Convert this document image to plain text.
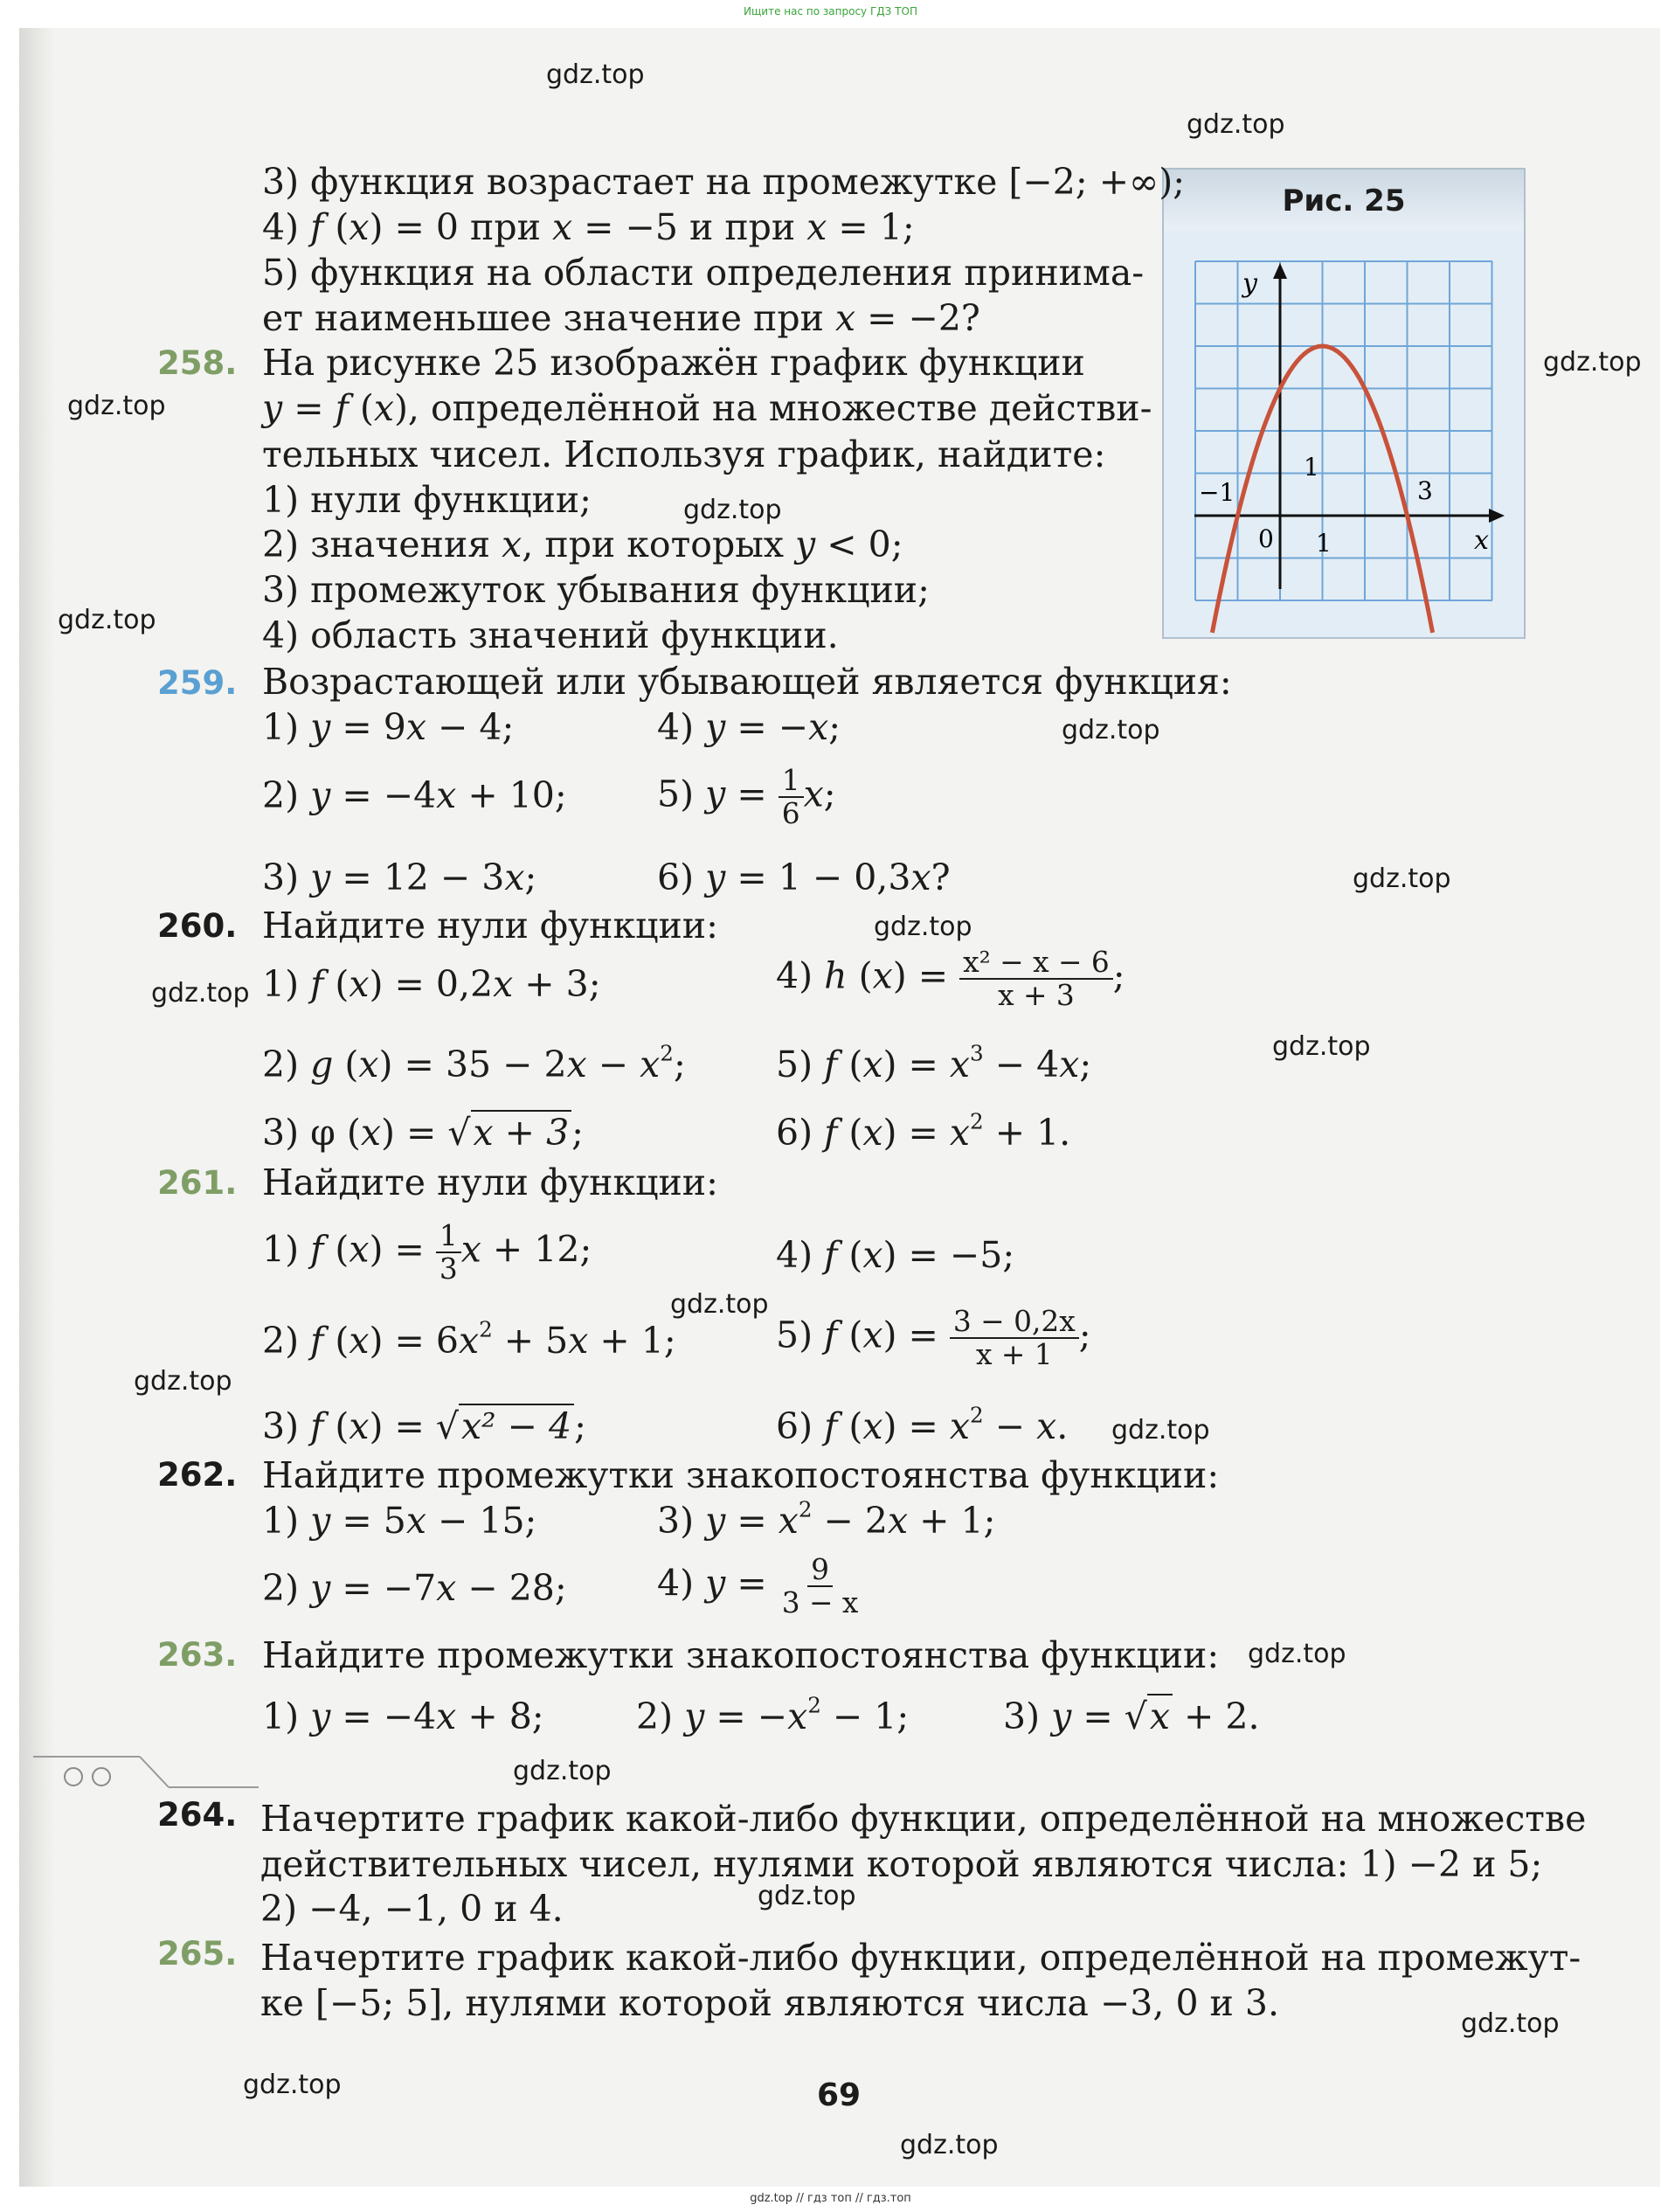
Ищите нас по запросу ГДЗ ТОП
gdz.top // гдз топ // гдз.топ
Рис. 25
x
y
−1
1
0 1
3
258.
259.
260.
261.
262.
263.
264.
265.
3) функция возрастает на промежутке [−2; +∞);
4) f (x) = 0 при x = −5 и при x = 1;
5) функция на области определения принима-
ет наименьшее значение при x = −2?
На рисунке 25 изображён график функции
y = f (x), определённой на множестве действи-
тельных чисел. Используя график, найдите:
1) нули функции;
2) значения x, при которых y < 0;
3) промежуток убывания функции;
4) область значений функции.
Возрастающей или убывающей является функция:
1) y = 9x − 4;	4) y = −x;
2) y = −4x + 10;	5) $y = \frac{1}{6} x$;
3) y = 12 − 3x;	6) y = 1 − 0,3x?
Найдите нули функции:
1) f (x) = 0,2x + 3;	4) h $(x) = \frac{\text{x² − x − 6}}{x + 3}$ ;
2) g $(x) = 35 - 2x - x^2$;	5) f $(x) = x^3 - 4x$;
3) φ (x) = √x + 3;	6) f $(x) = x^2 + 1$.
Найдите нули функции:
1) f $(x) = \frac{1}{3}$ x + 12;	4) f (x) = −5;
2) f $(x) = 6x^2 + 5x + 1$;	5) f $(x) = \frac{3 - 0,2x}{x + 1}$ ;
3) f (x) = √x² − 4;	6) f $(x) = x^2 - x$.
Найдите промежутки знакопостоянства функции:
1) y = 5x − 15;	3) $y = x^2 - 2x + 1$;
2) y = −7x − 28;	4) $y = \frac{9}{3 - x}$
Найдите промежутки знакопостоянства функции:
1) y = −4x + 8;	2) $y = -x^2 - 1$;	3) y = √x + 2.
Начертите график какой-либо функции, определённой на множестве
действительных чисел, нулями которой являются числа: 1) −2 и 5;
2) −4, −1, 0 и 4.
Начертите график какой-либо функции, определённой на промежут-
ке [−5; 5], нулями которой являются числа −3, 0 и 3.
69
gdz.top
gdz.top
gdz.top
gdz.top
gdz.top
gdz.top
gdz.top
gdz.top
gdz.top
gdz.top
gdz.top
gdz.top
gdz.top
gdz.top
gdz.top
gdz.top
gdz.top
gdz.top
gdz.top
gdz.top
